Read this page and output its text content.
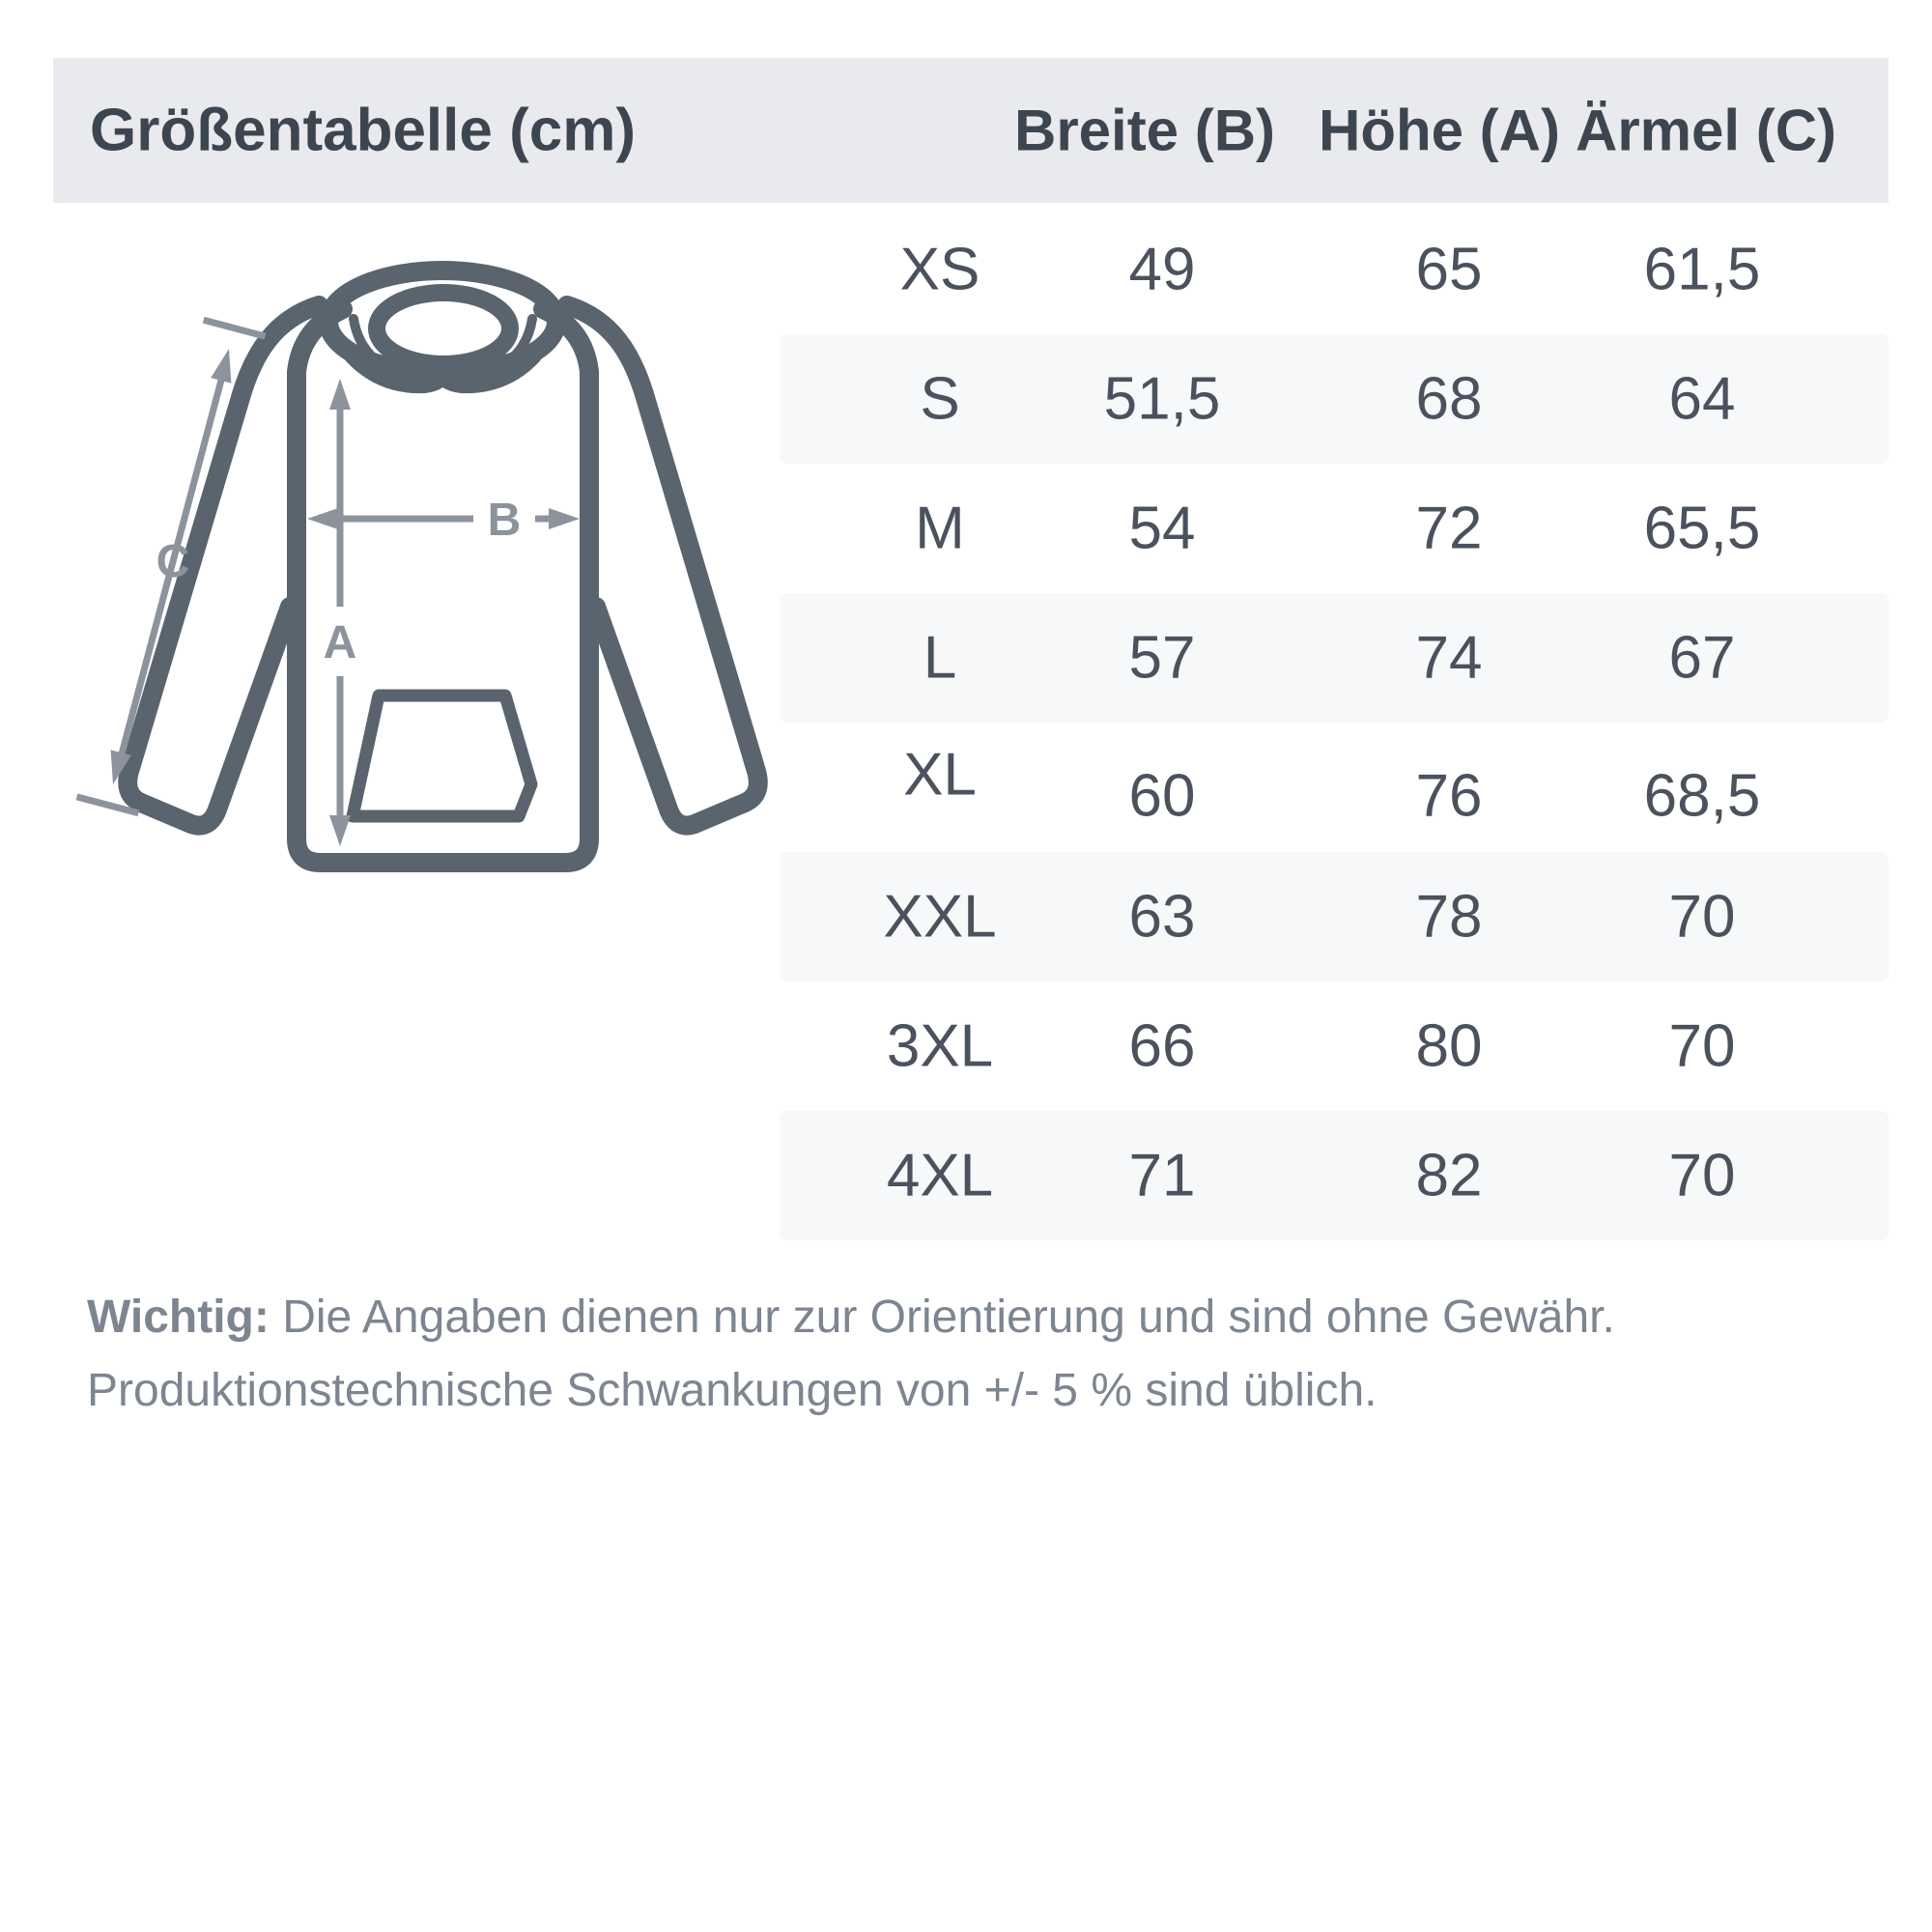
Größentabelle (cm)	Breite (B) Höhe (A) Ärmel (C)
XS 49	65	61,5
S 51,5	68	64
M	54	72	65,5
L	57	74	67
XL	60	76	68,5
XXL 63	78	70
3XL 66	80	70
4XL 71	82	70
A
B
C
Wichtig: Die Angaben dienen nur zur Orientierung und sind ohne Gewähr.
Produktionstechnische Schwankungen von +/- 5 % sind üblich.
